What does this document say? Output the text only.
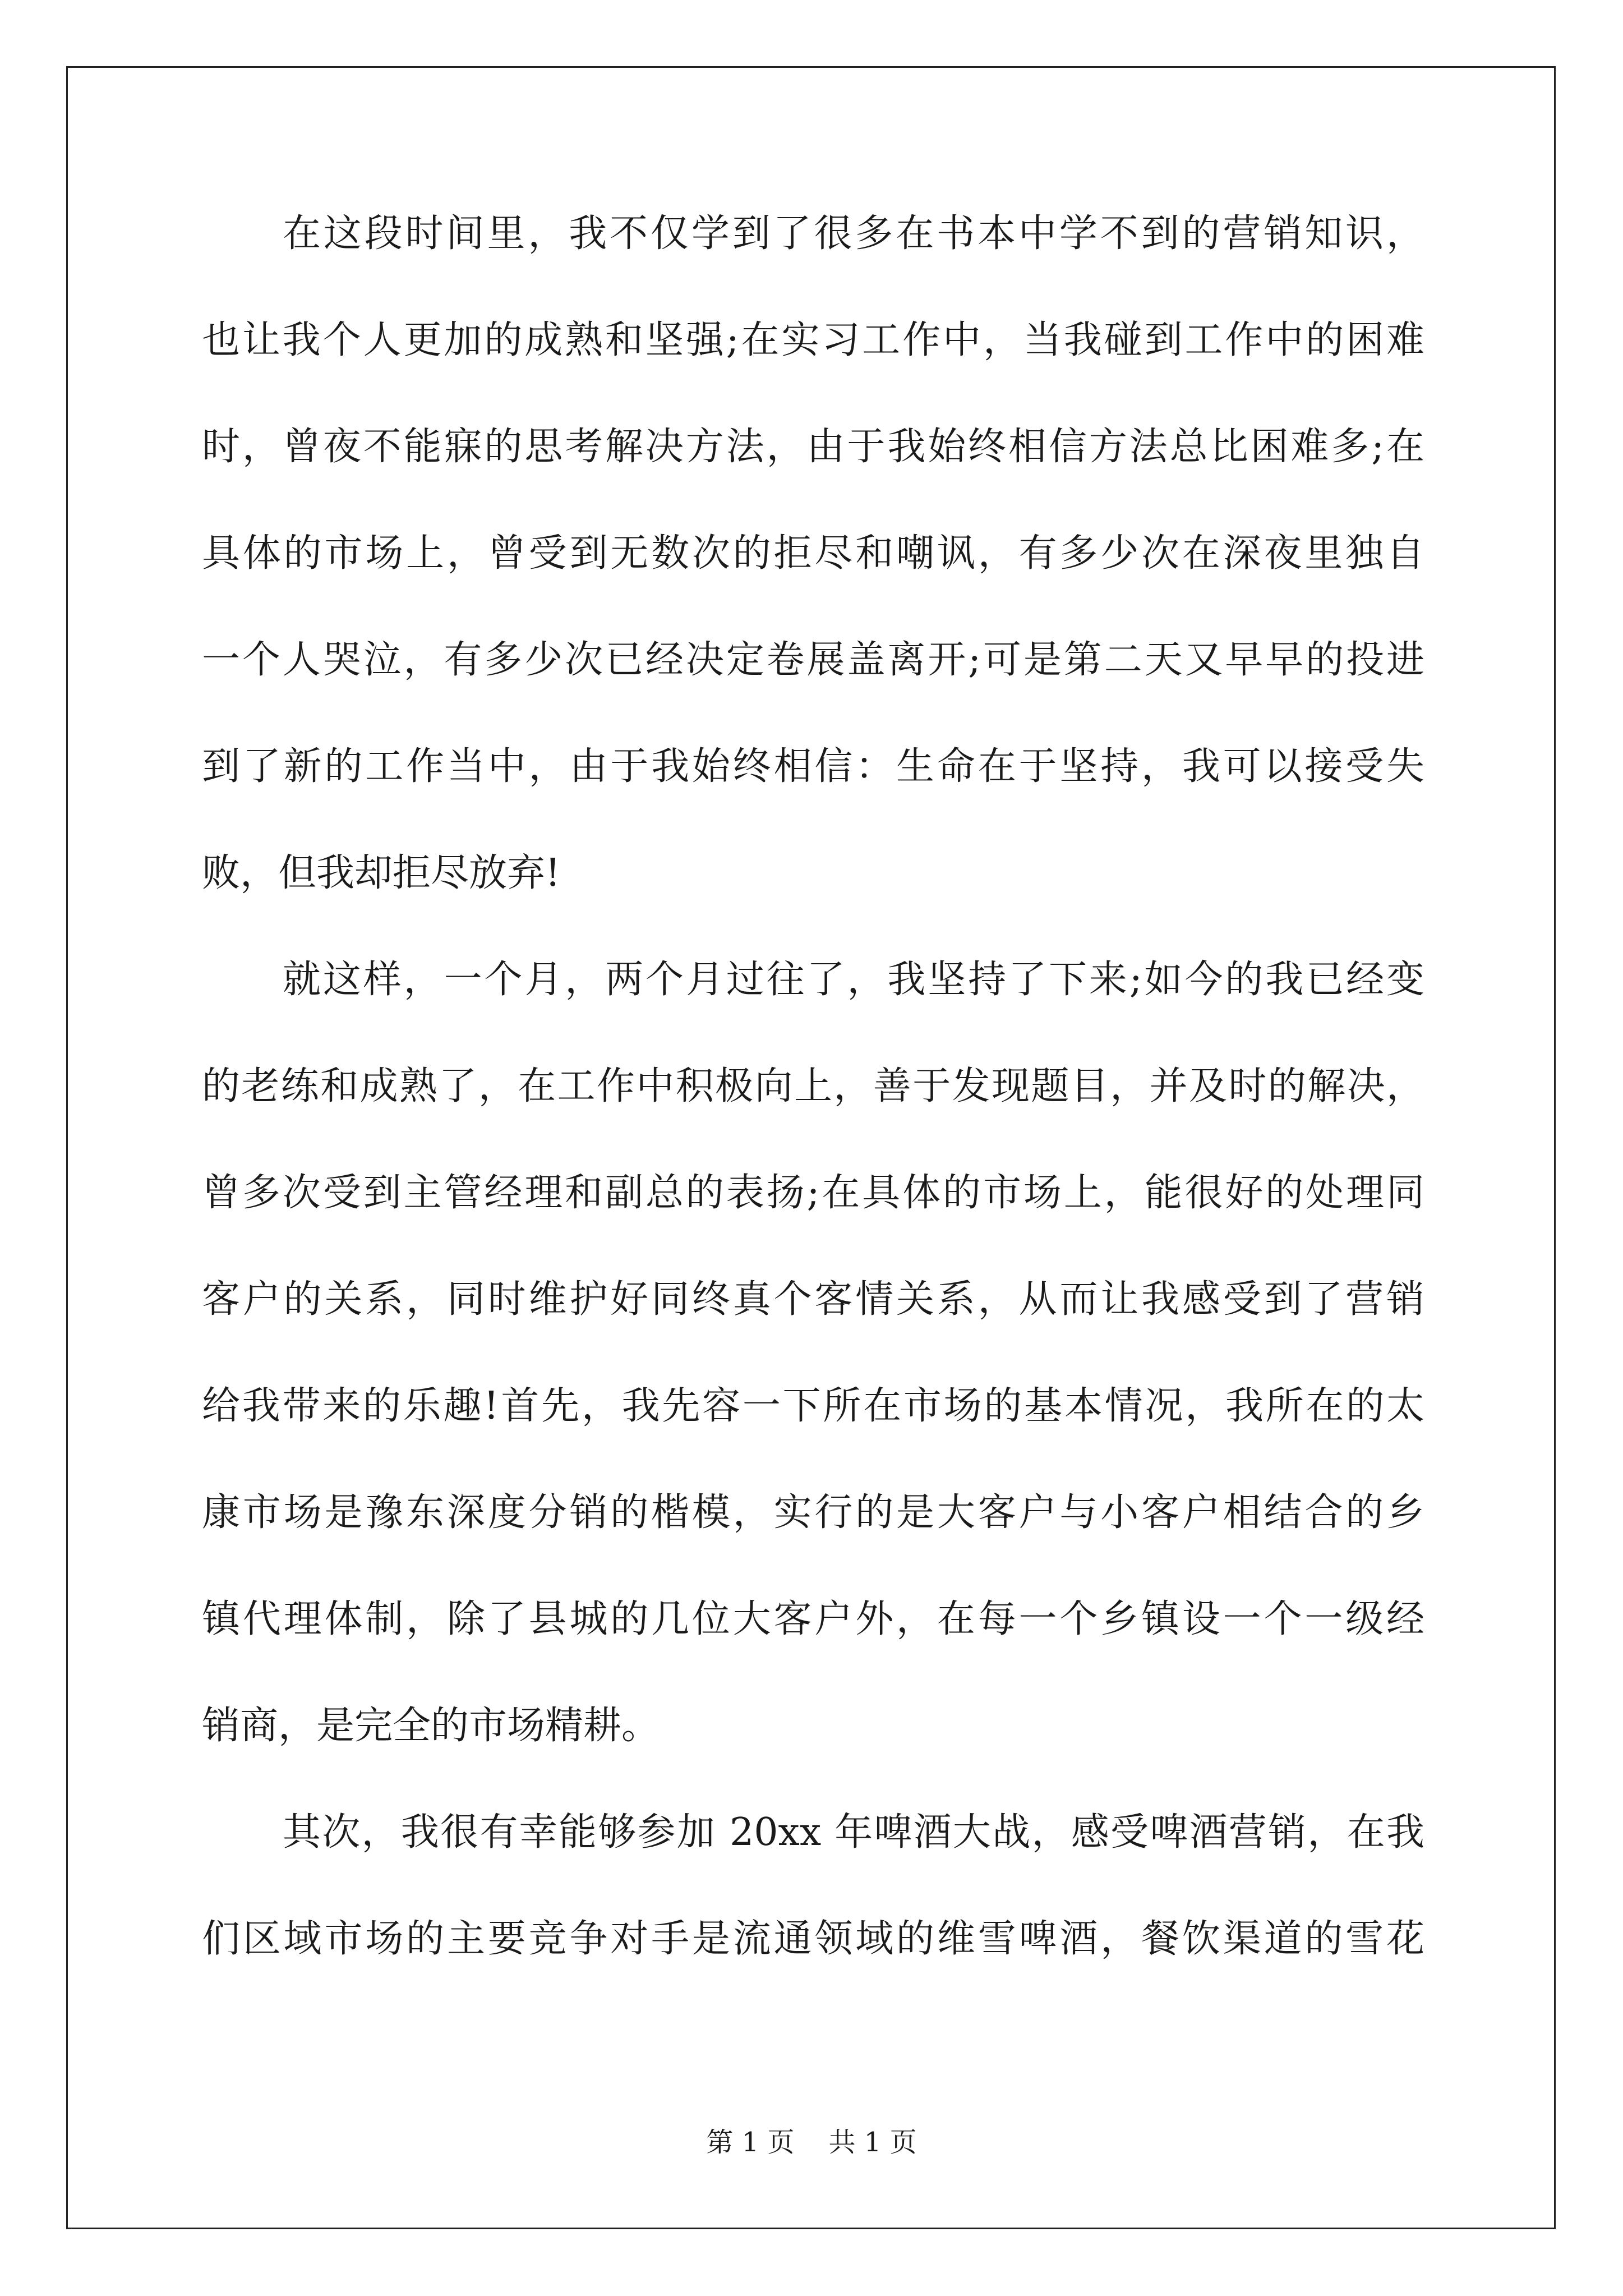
在这段时间里，我不仅学到了很多在书本中学不到的营销知识，
也让我个人更加的成熟和坚强;在实习工作中，当我碰到工作中的困难
时，曾夜不能寐的思考解决方法，由于我始终相信方法总比困难多;在
具体的市场上，曾受到无数次的拒尽和嘲讽，有多少次在深夜里独自
一个人哭泣，有多少次已经决定卷展盖离开;可是第二天又早早的投进
到了新的工作当中，由于我始终相信：生命在于坚持，我可以接受失
败，但我却拒尽放弃!
就这样，一个月，两个月过往了，我坚持了下来;如今的我已经变
的老练和成熟了，在工作中积极向上，善于发现题目，并及时的解决，
曾多次受到主管经理和副总的表扬;在具体的市场上，能很好的处理同
客户的关系，同时维护好同终真个客情关系，从而让我感受到了营销
给我带来的乐趣!首先，我先容一下所在市场的基本情况，我所在的太
康市场是豫东深度分销的楷模，实行的是大客户与小客户相结合的乡
镇代理体制，除了县城的几位大客户外，在每一个乡镇设一个一级经
销商，是完全的市场精耕。
其次，我很有幸能够参加 20xx 年啤酒大战，感受啤酒营销，在我
们区域市场的主要竞争对手是流通领域的维雪啤酒，餐饮渠道的雪花
第 1 页    共 1 页
